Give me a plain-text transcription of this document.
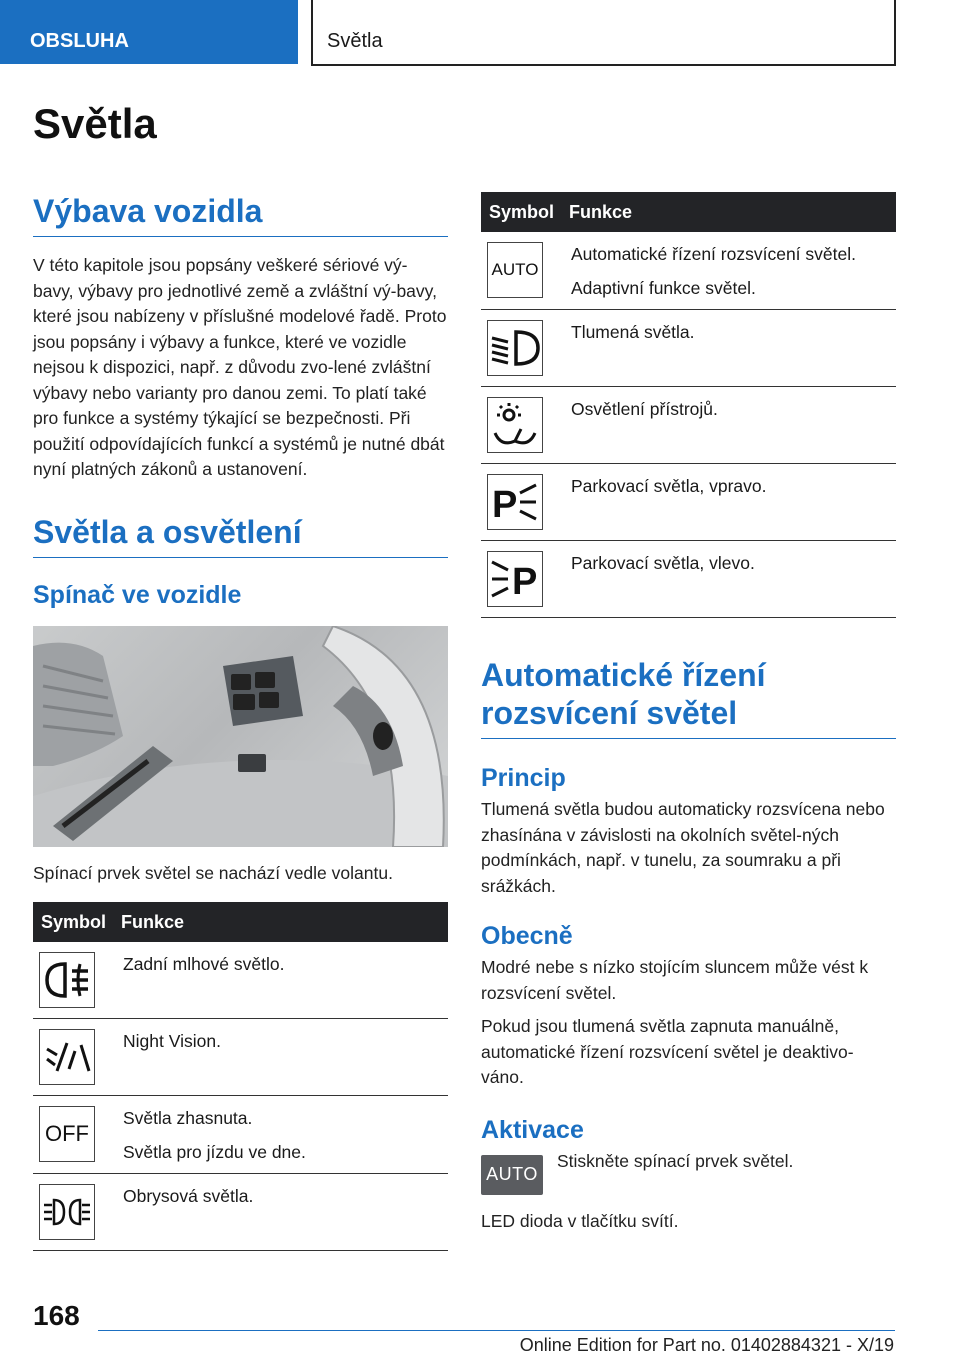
OBSLUHA	Světla
Světla
Výbava vozidla

V této kapitole jsou popsány veškeré sériové vý-bavy, výbavy pro jednotlivé země a zvláštní vý-bavy, které jsou nabízeny v příslušné modelové řadě. Proto jsou popsány i výbavy a funkce, které ve vozidle nejsou k dispozici, např. z důvodu zvo-lené zvláštní výbavy nebo varianty pro danou zemi. To platí také pro funkce a systémy týkající se bezpečnosti. Při použití odpovídajících funkcí a systémů je nutné dbát nyní platných zákonů a ustanovení.

Světla a osvětlení
Spínač ve vozidle

Spínací prvek světel se nachází vedle volantu.

Symbol	Funkce

Zadní mlhové světlo.

Night Vision.

OFF	Světla zhasnuta.
Světla pro jízdu ve dne.

Obrysová světla.
Symbol	Funkce

AUTO	Automatické řízení rozsvícení světel.
Adaptivní funkce světel.

Tlumená světla.

Osvětlení přístrojů.

P	Parkovací světla, vpravo.

P	Parkovací světla, vlevo.
Automatické řízení
rozsvícení světel
Princip

Tlumená světla budou automaticky rozsvícena nebo zhasínána v závislosti na okolních světel-ných podmínkách, např. v tunelu, za soumraku a při srážkách.

Obecně

Modré nebe s nízko stojícím sluncem může vést k rozsvícení světel.

Pokud jsou tlumená světla zapnuta manuálně, automatické řízení rozsvícení světel je deaktivo-váno.

Aktivace
AUTO

Stiskněte spínací prvek světel.

LED dioda v tlačítku svítí.

168
Online Edition for Part no. 01402884321 - X/19
